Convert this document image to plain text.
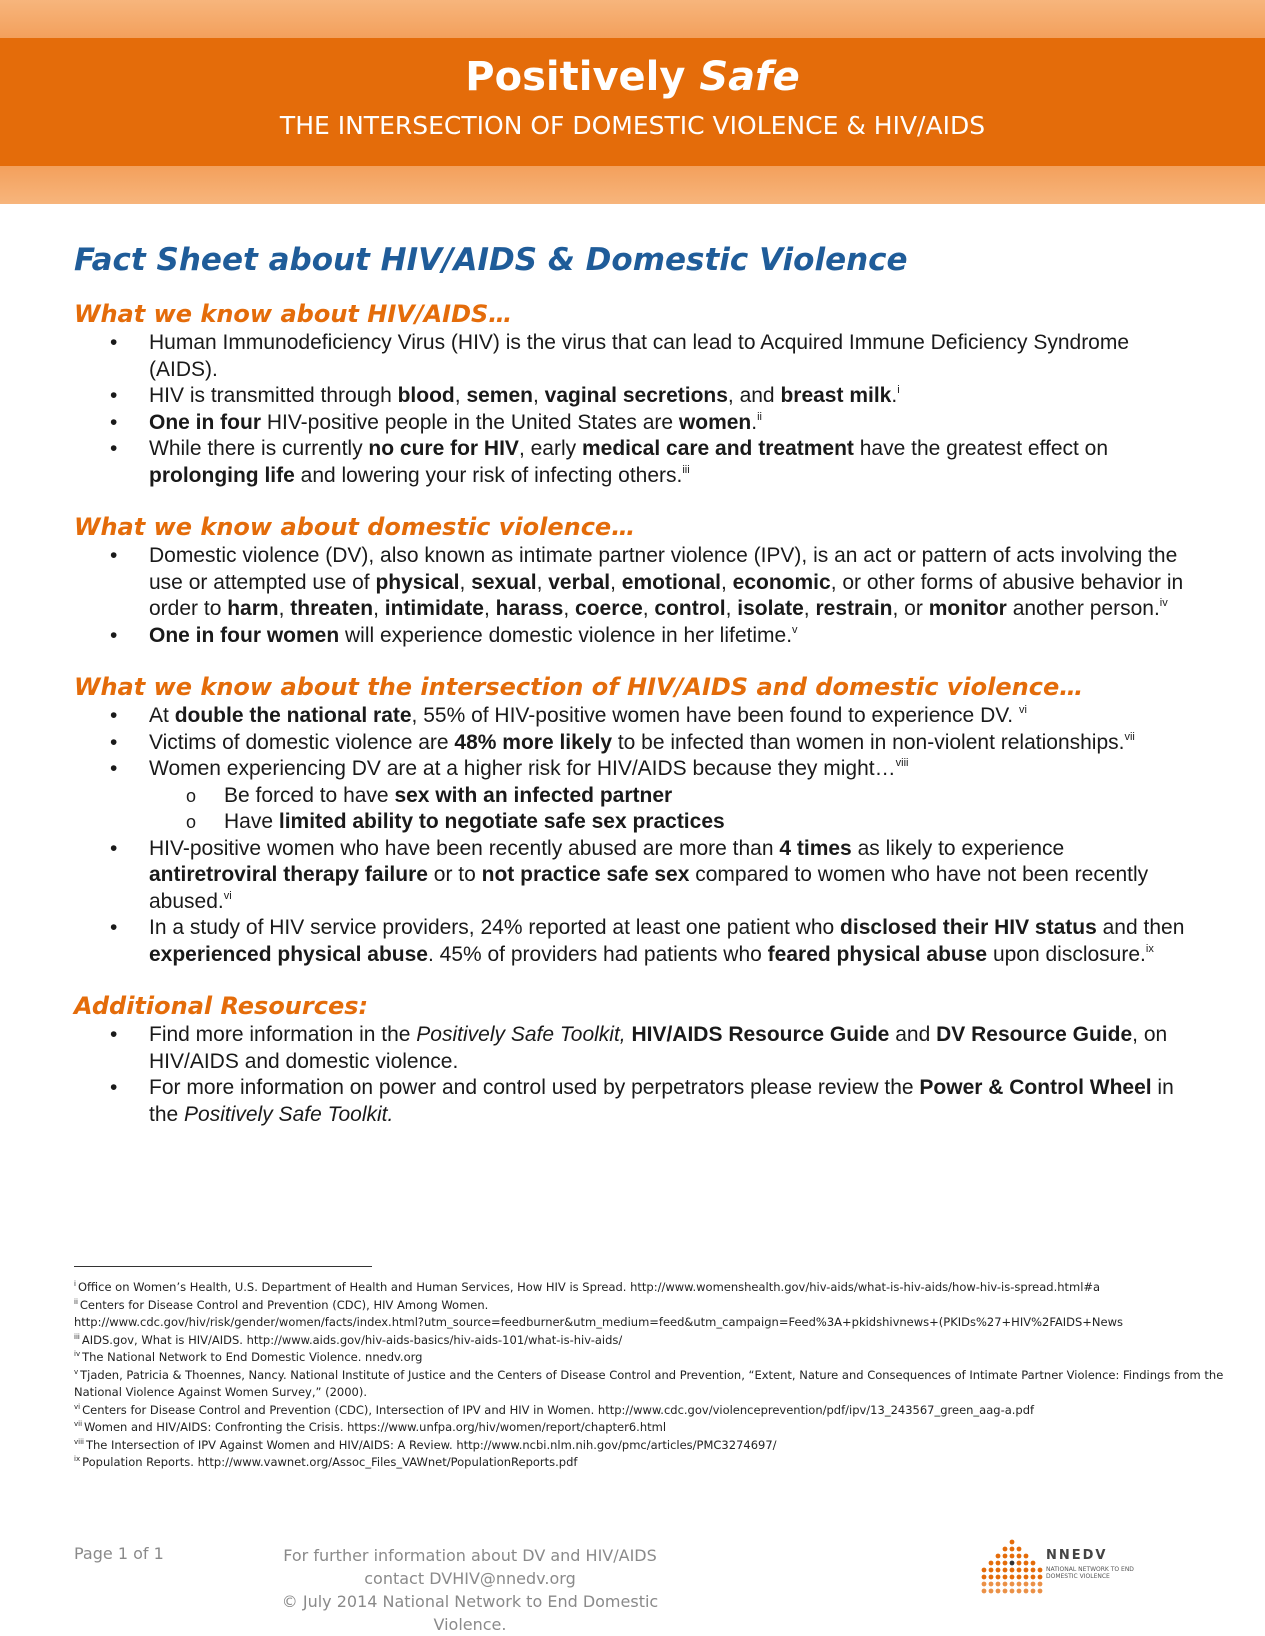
Positively Safe
THE INTERSECTION OF DOMESTIC VIOLENCE & HIV/AIDS
Fact Sheet about HIV/AIDS & Domestic Violence
What we know about HIV/AIDS…
• Human Immunodeficiency Virus (HIV) is the virus that can lead to Acquired Immune Deficiency Syndrome (AIDS).
• HIV is transmitted through blood, semen, vaginal secretions, and breast milk.$^i$
• One in four HIV-positive people in the United States are women.$^{ii}$
• While there is currently no cure for HIV, early medical care and treatment have the greatest effect on prolonging life and lowering your risk of infecting others.$^{iii}$
What we know about domestic violence…
• Domestic violence (DV), also known as intimate partner violence (IPV), is an act or pattern of acts involving the use or attempted use of physical, sexual, verbal, emotional, economic, or other forms of abusive behavior in order to harm, threaten, intimidate, harass, coerce, control, isolate, restrain, or monitor another person.$^{iv}$
• One in four women will experience domestic violence in her lifetime.$^v$
What we know about the intersection of HIV/AIDS and domestic violence…
• At double the national rate, 55% of HIV-positive women have been found to experience DV. $^{vi}$
• Victims of domestic violence are 48% more likely to be infected than women in non-violent relationships.$^{vii}$
• Women experiencing DV are at a higher risk for HIV/AIDS because they might…$^{viii}$
o Be forced to have sex with an infected partner
o Have limited ability to negotiate safe sex practices
• HIV-positive women who have been recently abused are more than 4 times as likely to experience antiretroviral therapy failure or to not practice safe sex compared to women who have not been recently abused.$^{vi}$
• In a study of HIV service providers, 24% reported at least one patient who disclosed their HIV status and then experienced physical abuse. 45% of providers had patients who feared physical abuse upon disclosure.$^{ix}$
Additional Resources:
• Find more information in the Positively Safe Toolkit, HIV/AIDS Resource Guide and DV Resource Guide, on HIV/AIDS and domestic violence.
• For more information on power and control used by perpetrators please review the Power & Control Wheel in the Positively Safe Toolkit.
$^i$ Office on Women’s Health, U.S. Department of Health and Human Services, How HIV is Spread. http://www.womenshealth.gov/hiv-aids/what-is-hiv-aids/how-hiv-is-spread.html#a
$^{ii}$ Centers for Disease Control and Prevention (CDC), HIV Among Women.
http://www.cdc.gov/hiv/risk/gender/women/facts/index.html?utm_source=feedburner&utm_medium=feed&utm_campaign=Feed%3A+pkidshivnews+(PKIDs%27+HIV%2FAIDS+News
$^{iii}$ AIDS.gov, What is HIV/AIDS. http://www.aids.gov/hiv-aids-basics/hiv-aids-101/what-is-hiv-aids/
$^{iv}$ The National Network to End Domestic Violence. nnedv.org
$^v$ Tjaden, Patricia & Thoennes, Nancy. National Institute of Justice and the Centers of Disease Control and Prevention, “Extent, Nature and Consequences of Intimate Partner Violence: Findings from the National Violence Against Women Survey,” (2000).
$^{vi}$ Centers for Disease Control and Prevention (CDC), Intersection of IPV and HIV in Women. http://www.cdc.gov/violenceprevention/pdf/ipv/13_243567_green_aag-a.pdf
$^{vii}$ Women and HIV/AIDS: Confronting the Crisis. https://www.unfpa.org/hiv/women/report/chapter6.html
$^{viii}$ The Intersection of IPV Against Women and HIV/AIDS: A Review. http://www.ncbi.nlm.nih.gov/pmc/articles/PMC3274697/
$^{ix}$ Population Reports. http://www.vawnet.org/Assoc_Files_VAWnet/PopulationReports.pdf
Page 1 of 1	For further information about DV and HIV/AIDS contact DVHIV@nnedv.org
© July 2014 National Network to End Domestic Violence.
NNEDV
NATIONAL NETWORK TO END DOMESTIC VIOLENCE
